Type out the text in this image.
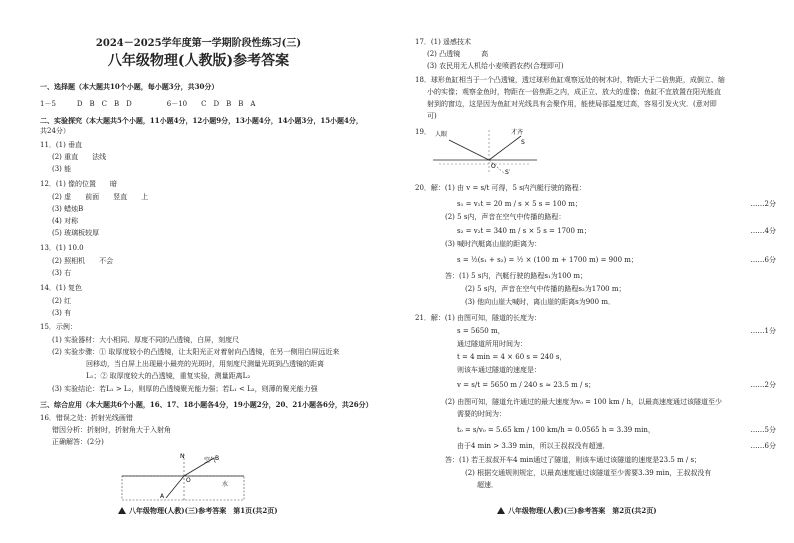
2024－2025学年度第一学期阶段性练习(三)
八年级物理(人教版)参考答案
一、选择题（本大题共10个小题，每小题3分，共30分）
1－5　　　D　B　C　B　D　　　　　6－10　　C　D　B　B　A
二、实验探究（本大题共5个小题，11小题4分，12小题9分，13小题4分，14小题3分，15小题4分，
共24分）
11．(1) 垂直
(2) 重直　　法线
(3) 能
12．(1) 像的位置　　暗
(2) 虚　　前面　　竖直　　上
(3) 蜡烛B
(4) 对称
(5) 玻璃板较厚
13．(1) 10.0
(2) 照相机　　不会
(3) 右
14．(1) 复色
(2) 红
(3) 有
15．示例：
(1) 实验器材：大小相同、厚度不同的凸透镜，白屏，刻度尺
(2) 实验步骤：① 取厚度较小的凸透镜，让太阳光正对着射向凸透镜，在另一侧用白屏远近来
回移动，当白屏上出现最小最亮的光斑时，用刻度尺测量光斑到凸透镜的距离
L₁；② 取厚度较大的凸透镜，重复实验，测量距离L₂
(3) 实验结论：若L₁ > L₂，则厚的凸透镜聚光能力强；若L₁ < L₂，则薄的聚光能力强
三、综合应用（本大题共6个小题，16、17、18小题各4分，19小题2分，20、21小题各6分，共26分）
16．错误之处：折射光线画错
错因分析：折射时，折射角大于入射角
正确解答：(2分)
空气
水
N
O
A
B
八年级物理(人教)(三)参考答案　第1页(共2页)
17．(1) 遥感技术
(2) 凸透镜　　　高
(3) 农民用无人机给小麦喷洒农药(合理即可)
18．球形鱼缸相当于一个凸透镜，透过球形鱼缸观察远处的树木时，物距大于二倍焦距，成倒立、缩
小的实像；观察金鱼时，物距在一倍焦距之内，成正立、放大的虚像；鱼缸不宜放置在阳光能直
射到的窗边，这是因为鱼缸对光线具有会聚作用，能使局部温度过高，容易引发火灾．(意对即
可)
19． 人眼	才齐
S
S′
O
20．解：(1) 由 v = s/t 可得，5 s内汽艇行驶的路程：
s₁ = v₁t = 20 m / s × 5 s = 100 m；	……2分
(2) 5 s内，声音在空气中传播的路程：
s₂ = v₂t = 340 m / s × 5 s = 1700 m；	……4分
(3) 喊时汽艇离山崖的距离为：
s = ½(s₁ + s₂) = ½ × (100 m + 1700 m) = 900 m；	……6分
答：(1) 5 s内，汽艇行驶的路程s₁为100 m；
(2) 5 s内，声音在空气中传播的路程s₂为1700 m；
(3) 他向山崖大喊时，离山崖的距离s为900 m．
21．解：(1) 由图可知，隧道的长度为：
s = 5650 m，	……1分
通过隧道所用时间为：
t = 4 min = 4 × 60 s = 240 s，
则该车通过隧道的速度是：
v = s/t = 5650 m / 240 s ≈ 23.5 m / s；	……2分
(2) 由图可知，隧道允许通过的最大速度为v₀ = 100 km / h，以最高速度通过该隧道至少
需要的时间为：
t₀ = s/v₀ = 5.65 km / 100 km/h = 0.0565 h = 3.39 min，	……5分
由于4 min > 3.39 min，所以王叔叔没有超速．	……6分
答：(1) 若王叔叔开车4 min通过了隧道，则该车通过该隧道的速度是23.5 m / s；
(2) 根据交通规则规定，以最高速度通过该隧道至少需要3.39 min，王叔叔没有
超速．
八年级物理(人教)(三)参考答案　第2页(共2页)
